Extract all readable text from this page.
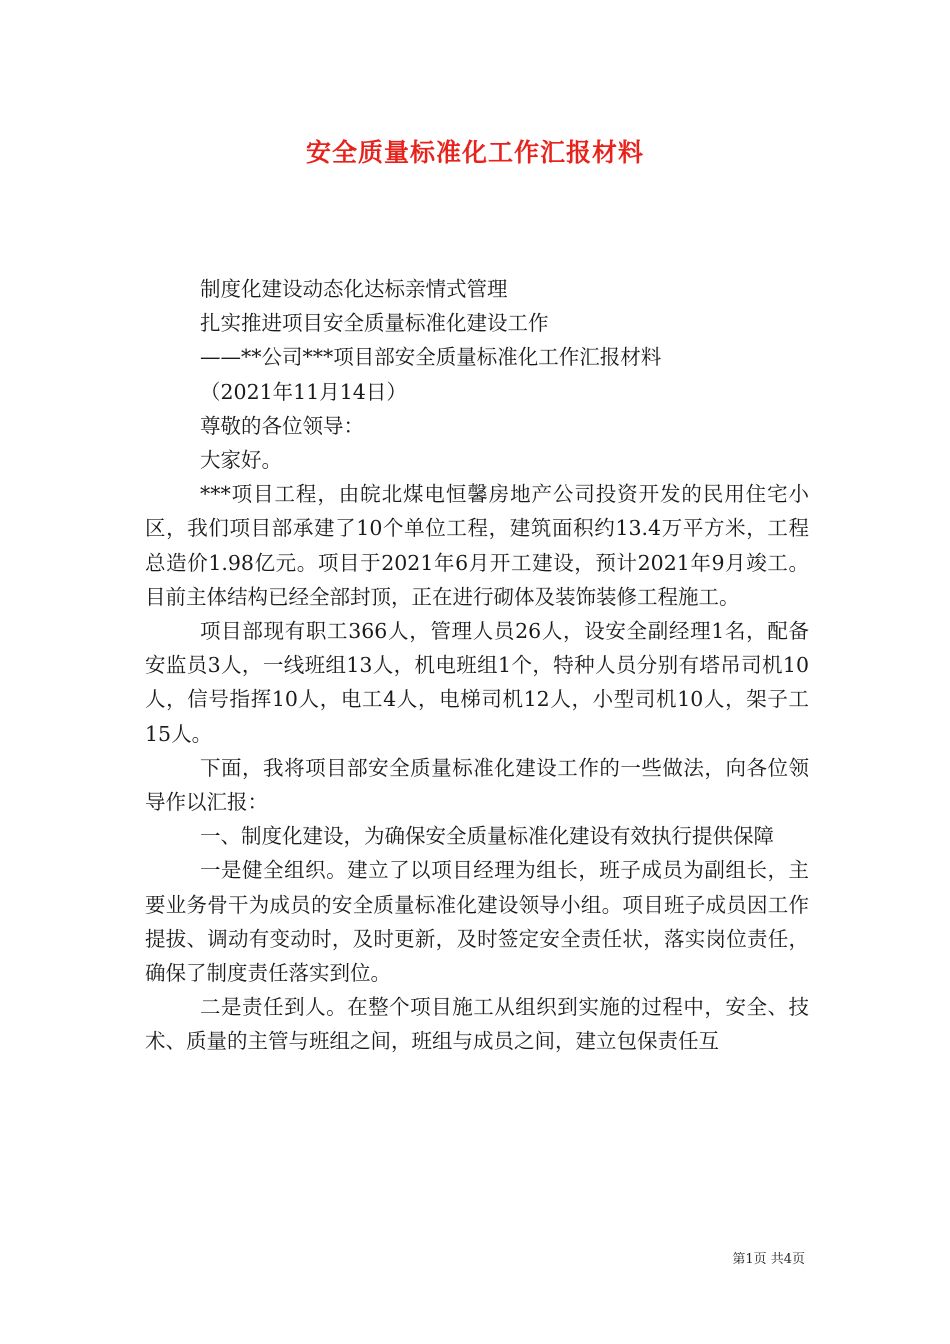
安全质量标准化工作汇报材料

制度化建设动态化达标亲情式管理

扎实推进项目安全质量标准化建设工作

——**公司***项目部安全质量标准化工作汇报材料

（2021年11月14日）

尊敬的各位领导：

大家好。

***项目工程，由皖北煤电恒馨房地产公司投资开发的民用住宅小区，我们项目部承建了10个单位工程，建筑面积约13.4万平方米，工程总造价1.98亿元。项目于2021年6月开工建设，预计2021年9月竣工。目前主体结构已经全部封顶，正在进行砌体及装饰装修工程施工。

项目部现有职工366人，管理人员26人，设安全副经理1名，配备安监员3人，一线班组13人，机电班组1个，特种人员分别有塔吊司机10人，信号指挥10人，电工4人，电梯司机12人，小型司机10人，架子工15人。

下面，我将项目部安全质量标准化建设工作的一些做法，向各位领导作以汇报：

一、制度化建设，为确保安全质量标准化建设有效执行提供保障

一是健全组织。建立了以项目经理为组长，班子成员为副组长，主要业务骨干为成员的安全质量标准化建设领导小组。项目班子成员因工作提拔、调动有变动时，及时更新，及时签定安全责任状，落实岗位责任，确保了制度责任落实到位。

二是责任到人。在整个项目施工从组织到实施的过程中，安全、技术、质量的主管与班组之间，班组与成员之间，建立包保责任互

第1页 共4页
